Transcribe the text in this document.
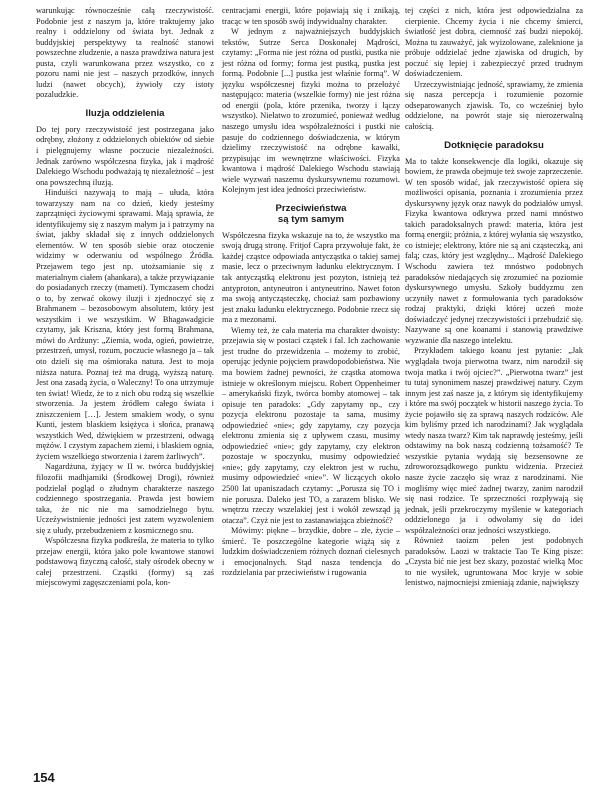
warunkując równocześnie całą rzeczywistość. Podobnie jest z naszym ja, które traktujemy jako realny i oddzielony od świata byt. Jednak z buddyjskiej perspektywy ta realność stanowi powszechne złudzenie, a nasza prawdziwa natura jest pusta, czyli warunkowana przez wszystko, co z pozoru nami nie jest – naszych przodków, innych ludzi (nawet obcych), żywioły czy istoty pozaludzkie.

Iluzja oddzielenia

Do tej pory rzeczywistość jest postrzegana jako odrębny, złożony z oddzielonych obiektów od siebie i pielęgnujemy własne poczucie niezależności. Jednak zarówno współczesna fizyka, jak i mądrość Dalekiego Wschodu podważają tę niezależność – jest ona powszechną iluzją.

Hinduiści nazywają to mają – ułuda, która towarzyszy nam na co dzień, kiedy jesteśmy zaprzątnięci życiowymi sprawami. Mają sprawia, że identyfikujemy się z naszym małym ja i patrzymy na świat, jakby składał się z innych oddzielonych elementów. W ten sposób siebie oraz otoczenie widzimy w oderwaniu od wspólnego Źródła. Przejawem tego jest np. utożsamianie się z materialnym ciałem (ahankara), a także przywiązanie do posiadanych rzeczy (mameti). Tymczasem chodzi o to, by zerwać okowy iluzji i zjednoczyć się z Brahmanem – bezosobowym absolutem, który jest wszystkim i we wszystkim. W Bhagawadgicie czytamy, jak Kriszna, który jest formą Brahmana, mówi do Ardżuny: „Ziemia, woda, ogień, powietrze, przestrzeń, umysł, rozum, poczucie własnego ja – tak oto dzieli się ma ośmioraka natura. Jest to moja niższa natura. Poznaj też ma drugą, wyższą naturę. Jest ona zasadą życia, o Waleczny! To ona utrzymuje ten świat! Wiedz, że to z nich obu rodzą się wszelkie stworzenia. Ja jestem źródłem całego świata i zniszczeniem […]. Jestem smakiem wody, o synu Kunti, jestem blaskiem księżyca i słońca, pranawą wszystkich Wed, dźwiękiem w przestrzeni, odwagą mężów. I czystym zapachem ziemi, i blaskiem ognia, życiem wszelkiego stworzenia i żarem żarliwych”.

Nagardżuna, żyjący w II w. twórca buddyjskiej filozofii madhjamiki (Środkowej Drogi), również podzielał pogląd o złudnym charakterze naszego codziennego spostrzegania. Prawda jest bowiem taka, że nic nie ma samodzielnego bytu. Uczeźywistnienie jedności jest zatem wyzwoleniem się z ułudy, przebudzeniem z kosmicznego snu.

Współczesna fizyka podkreśla, że materia to tylko przejaw energii, która jako pole kwantowe stanowi podstawową fizyczną całość, stały ośrodek obecny w całej przestrzeni. Cząstki (formy) są zaś miejscowymi zagęszczeniami pola, kon-

centracjami energii, które pojawiają się i znikają, tracąc w ten sposób swój indywidualny charakter.

W jednym z najważniejszych buddyjskich tekstów, Sutrze Serca Doskonałej Mądrości, czytamy: „Forma nie jest różna od pustki, pustka nie jest różna od formy; forma jest pustką, pustka jest formą. Podobnie [...] pustka jest właśnie formą”. W języku współczesnej fizyki można to przełożyć następująco: materia (wszelkie formy) nie jest różna od energii (pola, które przenika, tworzy i łączy wszystko). Niełatwo to zrozumieć, ponieważ według naszego umysłu idea współzależności i pustki nie pasuje do codziennego doświadczenia, w którym dzielimy rzeczywistość na odrębne kawałki, przypisując im wewnętrzne właściwości. Fizyka kwantowa i mądrość Dalekiego Wschodu stawiają wiele wyzwań naszemu dyskursywnemu rozumowi. Kolejnym jest idea jedności przeciwieństw.

Przeciwieństwa
są tym samym

Współczesna fizyka wskazuje na to, że wszystko ma swoją drugą stronę. Fritjof Capra przywołuje fakt, że każdej cząstce odpowiada antycząstka o takiej samej masie, lecz o przeciwnym ładunku elektrycznym. I tak antycząstką elektronu jest pozyton, istnieją też antyproton, antyneutron i antyneutrino. Nawet foton ma swoją antycząsteczkę, chociaż sam pozbawiony jest znaku ładunku elektrycznego. Podobnie rzecz się ma z mezonami.

Wiemy też, że cała materia ma charakter dwoisty: przejawia się w postaci cząstek i fal. Ich zachowanie jest trudne do przewidzenia – możemy to zrobić, operując jedynie pojęciem prawdopodobieństwa. Nie ma bowiem żadnej pewności, że cząstka atomowa istnieje w określonym miejscu. Robert Oppenheimer – amerykański fizyk, twórca bomby atomowej – tak opisuje ten paradoks: „Gdy zapytamy np., czy pozycja elektronu pozostaje ta sama, musimy odpowiedzieć «nie»; gdy zapytamy, czy pozycja elektronu zmienia się z upływem czasu, musimy odpowiedzieć «nie»; gdy zapytamy, czy elektron pozostaje w spoczynku, musimy odpowiedzieć «nie»; gdy zapytamy, czy elektron jest w ruchu, musimy odpowiedzieć «nie»”. W liczących około 2500 lat upaniszadach czytamy: „Porusza się TO i nie porusza. Daleko jest TO, a zarazem blisko. We wnętrzu rzeczy wszelakiej jest i wokół zewsząd ją otacza”. Czyż nie jest to zastanawiająca zbieżność?

Mówimy: piękne – brzydkie, dobre – złe, życie – śmierć. Te poszczególne kategorie wiążą się z ludzkim doświadczeniem różnych doznań cielesnych i emocjonalnych. Stąd nasza tendencja do rozdzielania par przeciwieństw i rugowania

tej części z nich, która jest odpowiedzialna za cierpienie. Chcemy życia i nie chcemy śmierci, światłość jest dobra, ciemność zaś budzi niepokój. Można tu zauważyć, jak wyizolowane, zaleknione ja próbuje oddzielać jedne zjawiska od drugich, by poczuć się lepiej i zabezpieczyć przed trudnym doświadczeniem.

Urzeczywistniając jedność, sprawiamy, że zmienia się nasza percepcja i rozumienie pozornie odseparowanych zjawisk. To, co wcześniej było oddzielone, na powrót staje się nierozerwalną całością.

Dotknięcie paradoksu

Ma to także konsekwencje dla logiki, okazuje się bowiem, że prawda obejmuje też swoje zaprzeczenie. W ten sposób widać, jak rzeczywistość opiera się możliwości opisania, poznania i zrozumienia przez dyskursywny język oraz nawyk do podziałów umysł. Fizyka kwantowa odkrywa przed nami mnóstwo takich paradoksalnych prawd: materia, która jest formą energii; próżnia, z której wyłania się wszystko, co istnieje; elektrony, które nie są ani cząsteczką, ani falą; czas, który jest względny... Mądrość Dalekiego Wschodu zawiera też mnóstwo podobnych paradoksów niedających się zrozumieć na poziomie dyskursywnego umysłu. Szkoły buddyzmu zen uczyniły nawet z formułowania tych paradoksów rodzaj praktyki, dzięki której uczeń może doświadczyć jedynej rzeczywistości i przebudzić się. Nazywane są one koanami i stanowią prawdziwe wyzwanie dla naszego intelektu.

Przykładem takiego koanu jest pytanie: „Jak wyglądała twoja pierwotna twarz, nim narodził się twoja matka i twój ojciec?”. „Pierwotna twarz” jest tu tutaj synonimem naszej prawdziwej natury. Czym innym jest zaś nasze ja, z którym się identyfikujemy i które ma swój początek w historii naszego życia. To życie pojawiło się za sprawą naszych rodziców. Ale kim byliśmy przed ich narodzinami? Jak wyglądała wtedy nasza twarz? Kim tak naprawdę jesteśmy, jeśli odstawimy na bok naszą codzienną tożsamość? Te wszystkie pytania wydają się bezsensowne ze zdroworozsądkowego punktu widzenia. Przecież nasze życie zaczęło się wraz z narodzinami. Nie mogliśmy więc mieć żadnej twarzy, zanim narodził się nasi rodzice. Te sprzeczności rozpływają się jednak, jeśli przekroczymy myślenie w kategoriach oddzielonego ja i odwołamy się do idei współzależności oraz jedności wszystkiego.

Również taoizm pełen jest podobnych paradoksów. Laozi w traktacie Tao Te King pisze: „Czysta bić nie jest bez skazy, pozostać wielką Moc to nie wysiłek, ugruntowana Moc kryje w sobie lenistwo, najmocniejsi zmieniają zdanie, największy

154
